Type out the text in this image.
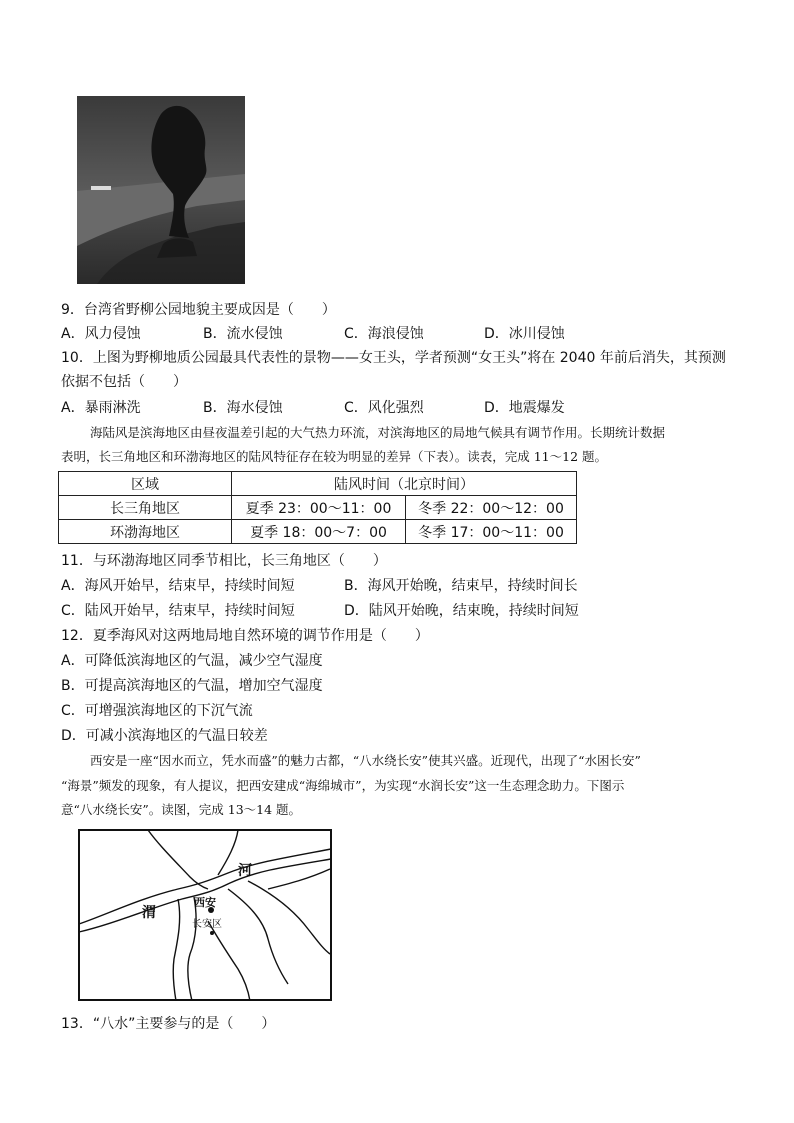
9．台湾省野柳公园地貌主要成因是（　　）
A．风力侵蚀	B．流水侵蚀	C．海浪侵蚀	D．冰川侵蚀
10．上图为野柳地质公园最具代表性的景物——女王头，学者预测“女王头”将在 2040 年前后消失，其预测
依据不包括（　　）
A．暴雨淋洗	B．海水侵蚀	C．风化强烈	D．地震爆发
海陆风是滨海地区由昼夜温差引起的大气热力环流，对滨海地区的局地气候具有调节作用。长期统计数据
表明，长三角地区和环渤海地区的陆风特征存在较为明显的差异（下表）。读表，完成 11～12 题。
区域	陆风时间（北京时间）	
长三角地区	夏季 23：00～11：00	冬季 22：00～12：00
环渤海地区	夏季 18：00～7：00	冬季 17：00～11：00
11．与环渤海地区同季节相比，长三角地区（　　）
A．海风开始早，结束早，持续时间短	B．海风开始晚，结束早，持续时间长
C．陆风开始早，结束早，持续时间短	D．陆风开始晚，结束晚，持续时间短
12．夏季海风对这两地局地自然环境的调节作用是（　　）
A．可降低滨海地区的气温，减少空气湿度
B．可提高滨海地区的气温，增加空气湿度
C．可增强滨海地区的下沉气流
D．可减小滨海地区的气温日较差
西安是一座“因水而立，凭水而盛”的魅力古都，“八水绕长安”使其兴盛。近现代，出现了“水困长安”
“海景”频发的现象，有人提议，把西安建成“海绵城市”，为实现“水润长安”这一生态理念助力。下图示
意“八水绕长安”。读图，完成 13～14 题。
河
渭
西安
长安区
13．“八水”主要参与的是（　　）
